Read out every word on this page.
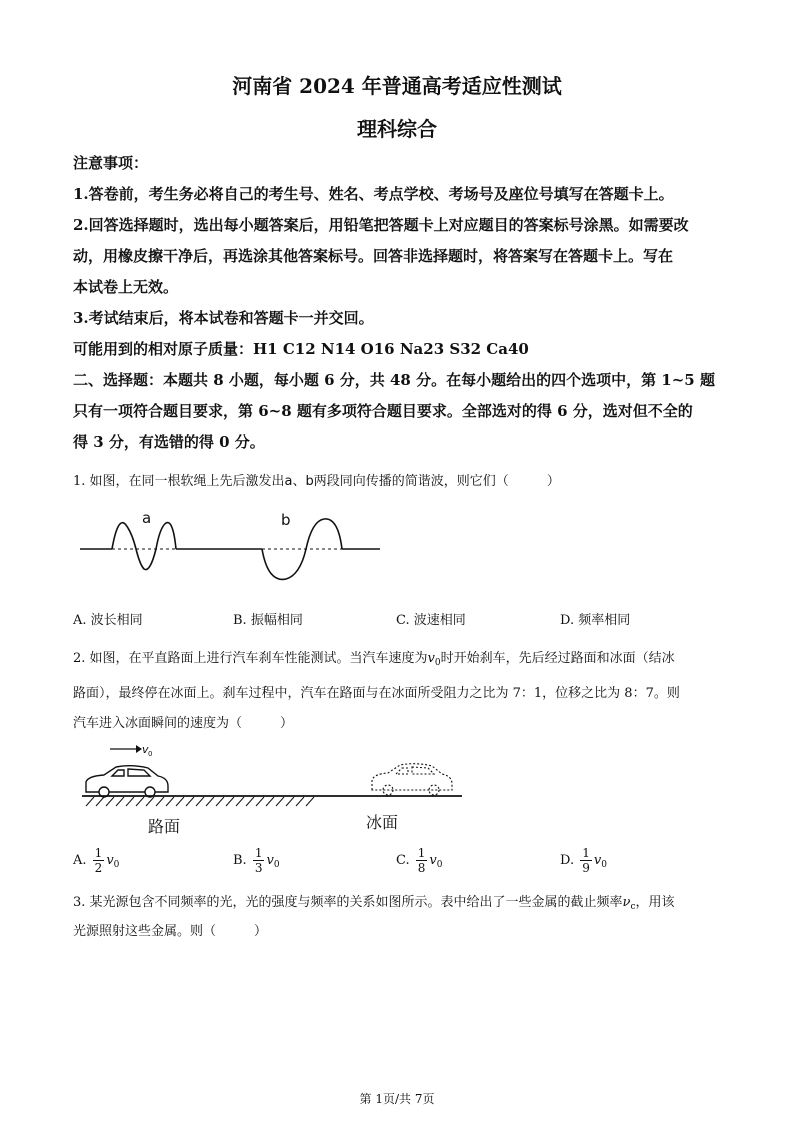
河南省 2024 年普通高考适应性测试
理科综合
注意事项：
1.答卷前，考生务必将自己的考生号、姓名、考点学校、考场号及座位号填写在答题卡上。
2.回答选择题时，选出每小题答案后，用铅笔把答题卡上对应题目的答案标号涂黑。如需要改
动，用橡皮擦干净后，再选涂其他答案标号。回答非选择题时，将答案写在答题卡上。写在
本试卷上无效。
3.考试结束后，将本试卷和答题卡一并交回。
可能用到的相对原子质量：H1 C12 N14 O16 Na23 S32 Ca40
二、选择题：本题共 8 小题，每小题 6 分，共 48 分。在每小题给出的四个选项中，第 1~5 题
只有一项符合题目要求，第 6~8 题有多项符合题目要求。全部选对的得 6 分，选对但不全的
得 3 分，有选错的得 0 分。
1. 如图，在同一根软绳上先后激发出a、b两段同向传播的简谐波，则它们（	）
a	b
A. 波长相同	B. 振幅相同	C. 波速相同	D. 频率相同
2. 如图，在平直路面上进行汽车刹车性能测试。当汽车速度为$v_0$时开始刹车，先后经过路面和冰面（结冰
路面），最终停在冰面上。刹车过程中，汽车在路面与在冰面所受阻力之比为 7：1，位移之比为 8：7。则
汽车进入冰面瞬间的速度为（	）
v 0
路面	冰面
A. $\frac{1}{2} v_0$	B. $\frac{1}{3} v_0$	C. $\frac{1}{8} v_0$	D. $\frac{1}{9} v_0$
3. 某光源包含不同频率的光，光的强度与频率的关系如图所示。表中给出了一些金属的截止频率$\nu_c$，用该
光源照射这些金属。则（	）
第 1页/共 7页
